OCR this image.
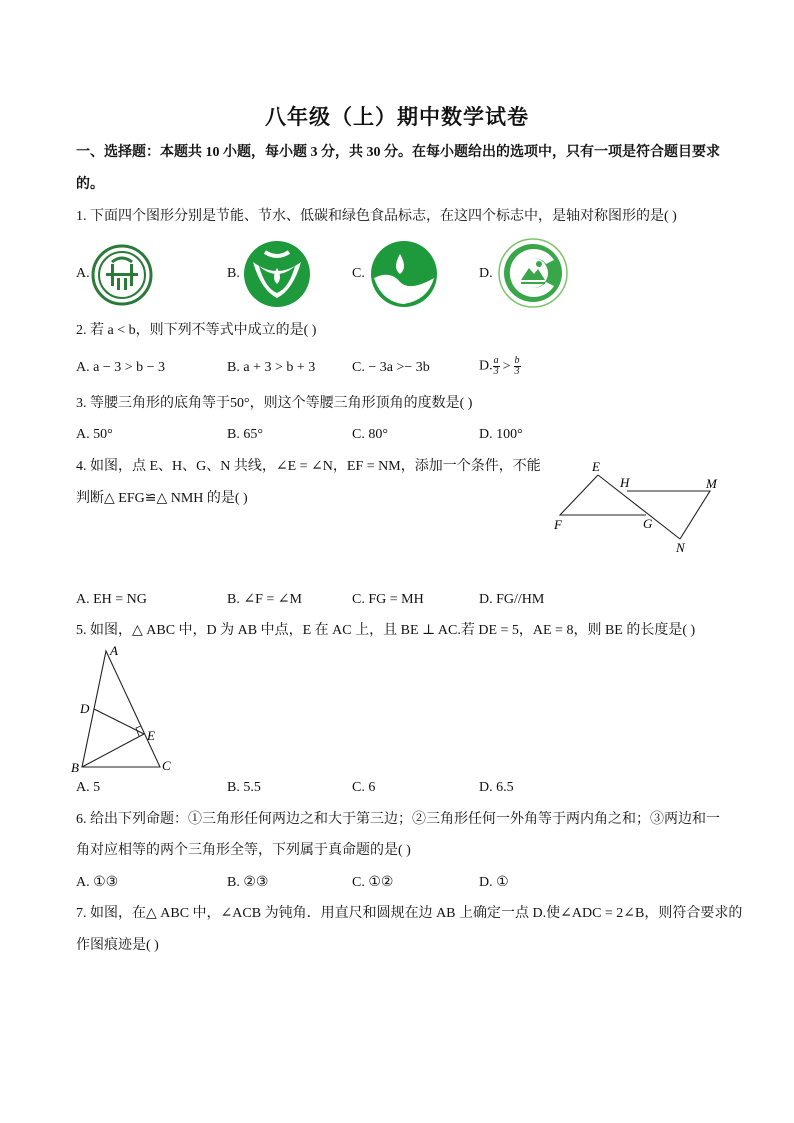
八年级（上）期中数学试卷
一、选择题：本题共 10 小题，每小题 3 分，共 30 分。在每小题给出的选项中，只有一项是符合题目要求
的。
1. 下面四个图形分别是节能、节水、低碳和绿色食品标志，在这四个标志中，是轴对称图形的是( )
A.	B.	C.	D.
2. 若 a < b，则下列不等式中成立的是( )
A. a − 3 > b − 3	B. a + 3 > b + 3	C. − 3a >− 3b	D. $\frac{a}{3} > \frac{b}{3}$
3. 等腰三角形的底角等于50°，则这个等腰三角形顶角的度数是( )
A. 50°	B. 65°	C. 80°	D. 100°
4. 如图，点 E、H、G、N 共线，∠E = ∠N，EF = NM，添加一个条件，不能
判断△ EFG≌△ NMH 的是( )
E
H	M
F	G
N
A. EH = NG	B. ∠F = ∠M	C. FG = MH	D. FG//HM
5. 如图，△ ABC 中，D 为 AB 中点，E 在 AC 上，且 BE ⊥ AC.若 DE = 5，AE = 8，则 BE 的长度是( )
A
D
E
B	C
A. 5	B. 5.5	C. 6	D. 6.5
6. 给出下列命题：①三角形任何两边之和大于第三边；②三角形任何一外角等于两内角之和；③两边和一
角对应相等的两个三角形全等，下列属于真命题的是( )
A. ①③	B. ②③	C. ①②	D. ①
7. 如图，在△ ABC 中，∠ACB 为钝角．用直尺和圆规在边 AB 上确定一点 D.使∠ADC = 2∠B，则符合要求的
作图痕迹是( )
